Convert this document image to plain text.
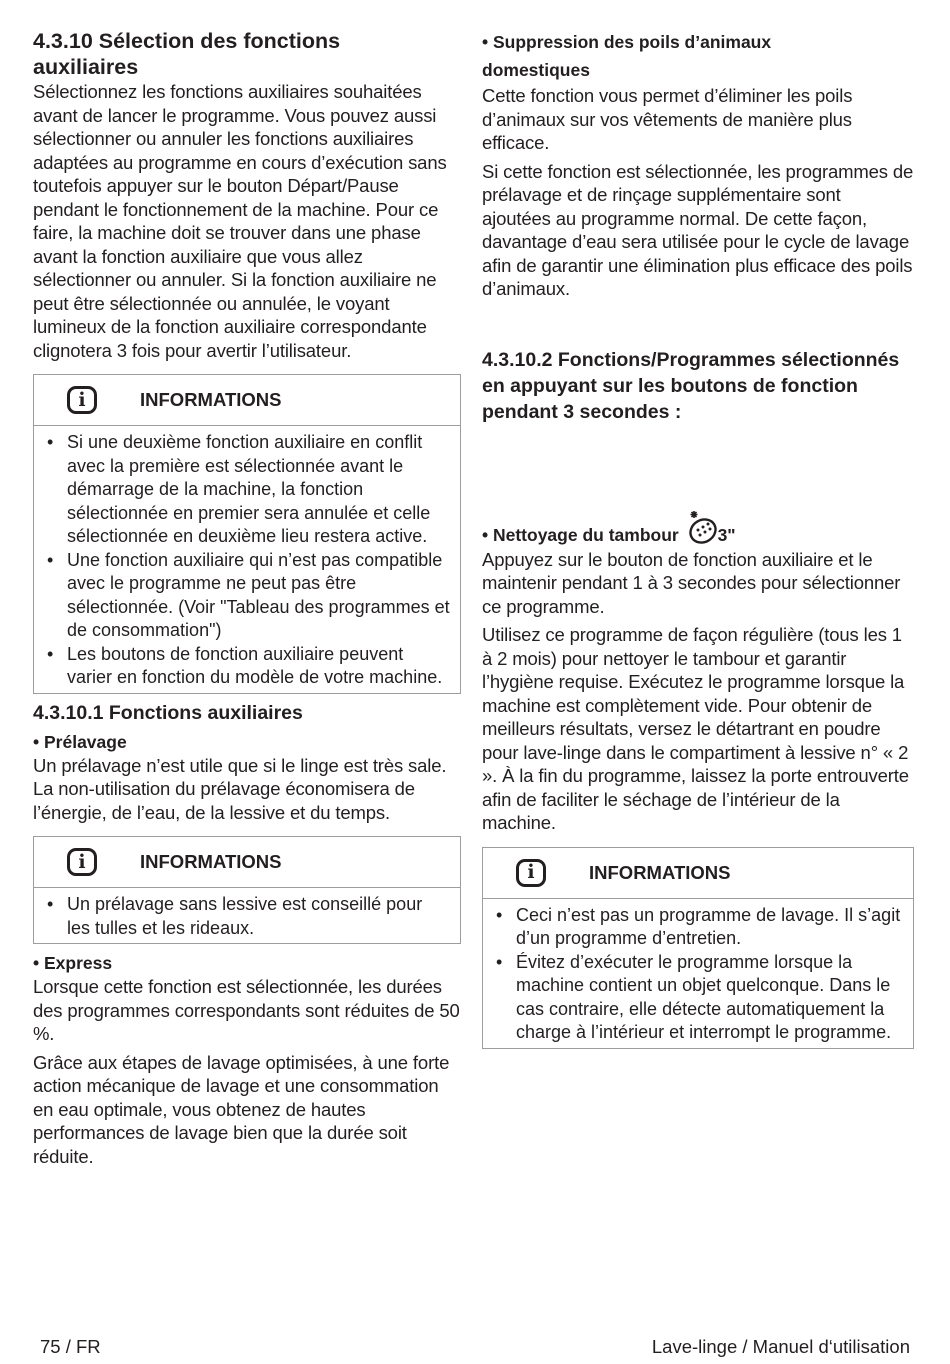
4.3.10 Sélection des fonctions
auxiliaires

Sélectionnez les fonctions auxiliaires souhaitées avant de lancer le programme. Vous pouvez aussi sélectionner ou annuler les fonctions auxiliaires adaptées au programme en cours d’exécution sans toutefois appuyer sur le bouton Départ/Pause pendant le fonctionnement de la machine. Pour ce faire, la machine doit se trouver dans une phase avant la fonction auxiliaire que vous allez sélectionner ou annuler. Si la fonction auxiliaire ne peut être sélectionnée ou annulée, le voyant lumineux de la fonction auxiliaire correspondante clignotera 3 fois pour avertir l’utilisateur.

i	INFORMATIONS
• Si une deuxième fonction auxiliaire en conflit avec la première est sélectionnée avant le démarrage de la machine, la fonction sélectionnée en premier sera annulée et celle sélectionnée en deuxième lieu restera active.
• Une fonction auxiliaire qui n’est pas compatible avec le programme ne peut pas être sélectionnée. (Voir "Tableau des programmes et de consommation")
• Les boutons de fonction auxiliaire peuvent varier en fonction du modèle de votre machine.

4.3.10.1 Fonctions auxiliaires

• Prélavage

Un prélavage n’est utile que si le linge est très sale. La non-utilisation du prélavage économisera de l’énergie, de l’eau, de la lessive et du temps.

i	INFORMATIONS
• Un prélavage sans lessive est conseillé pour les tulles et les rideaux.

• Express

Lorsque cette fonction est sélectionnée, les durées des programmes correspondants sont réduites de 50 %.

Grâce aux étapes de lavage optimisées, à une forte action mécanique de lavage et une consommation en eau optimale, vous obtenez de hautes performances de lavage bien que la durée soit réduite.

• Suppression des poils d’animaux
domestiques

Cette fonction vous permet d’éliminer les poils d’animaux sur vos vêtements de manière plus efficace.

Si cette fonction est sélectionnée, les programmes de prélavage et de rinçage supplémentaire sont ajoutées au programme normal. De cette façon, davantage d’eau sera utilisée pour le cycle de lavage afin de garantir une élimination plus efficace des poils d’animaux.

4.3.10.2 Fonctions/Programmes sélectionnés en appuyant sur les boutons de fonction pendant 3 secondes :

• Nettoyage du tambour 3"

Appuyez sur le bouton de fonction auxiliaire et le maintenir pendant 1 à 3 secondes pour sélectionner ce programme.

Utilisez ce programme de façon régulière (tous les 1 à 2 mois) pour nettoyer le tambour et garantir l’hygiène requise. Exécutez le programme lorsque la machine est complètement vide. Pour obtenir de meilleurs résultats, versez le détartrant en poudre pour lave-linge dans le compartiment à lessive n° « 2 ». À la fin du programme, laissez la porte entrouverte afin de faciliter le séchage de l’intérieur de la machine.

i	INFORMATIONS
• Ceci n’est pas un programme de lavage. Il s’agit d’un programme d’entretien.
• Évitez d’exécuter le programme lorsque la machine contient un objet quelconque. Dans le cas contraire, elle détecte automatiquement la charge à l’intérieur et interrompt le programme.
75 / FR	Lave-linge / Manuel d‘utilisation
